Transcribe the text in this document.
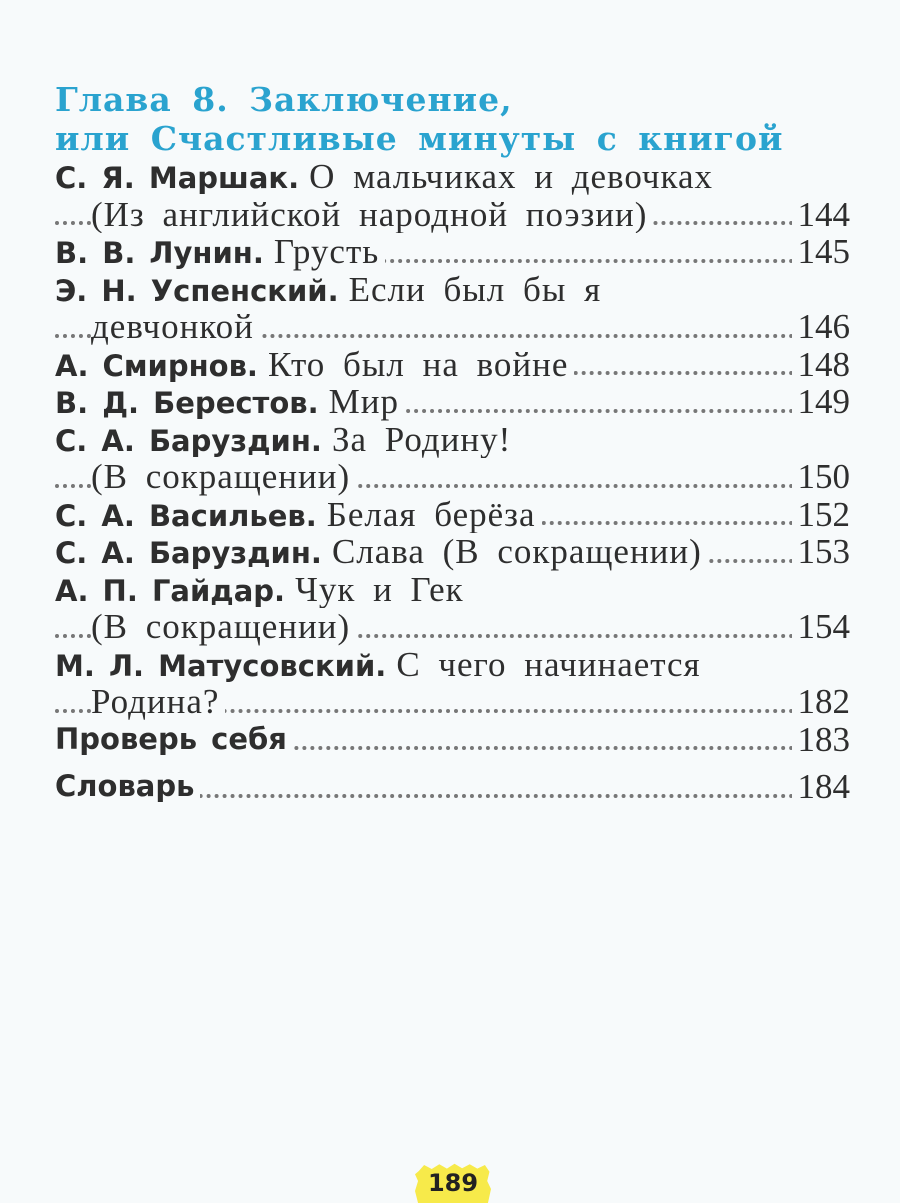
Глава 8. Заключение,
или Счастливые минуты с книгой
С. Я. Маршак. О мальчиках и девочках
(Из английской народной поэзии)	144
В. В. Лунин. Грусть	145
Э. Н. Успенский. Если был бы я
девчонкой	146
А. Смирнов. Кто был на войне	148
В. Д. Берестов. Мир	149
С. А. Баруздин. За Родину!
(В сокращении)	150
С. А. Васильев. Белая берёза	152
С. А. Баруздин. Слава (В сокращении)	153
А. П. Гайдар. Чук и Гек
(В сокращении)	154
М. Л. Матусовский. С чего начинается
Родина?	182
Проверь себя	183
Словарь	184
189
